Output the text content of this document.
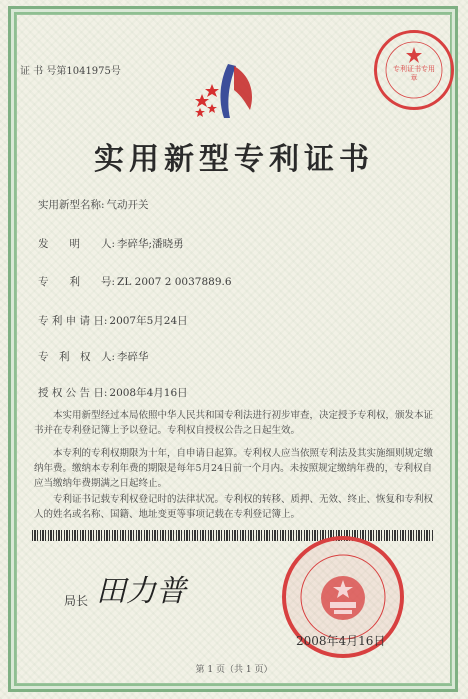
证 书 号第1041975号	专利证书专用章
实用新型专利证书
实用新型名称: 气动开关
发　　明　　人: 李碎华;潘晓勇
专　　利　　号: ZL 2007 2 0037889.6
专 利 申 请 日: 2007年5月24日
专　利　权　人: 李碎华
授 权 公 告 日: 2008年4月16日
本实用新型经过本局依照中华人民共和国专利法进行初步审查，决定授予专利权，颁发本证书并在专利登记簿上予以登记。专利权自授权公告之日起生效。
本专利的专利权期限为十年，自申请日起算。专利权人应当依照专利法及其实施细则规定缴纳年费。缴纳本专利年费的期限是每年5月24日前一个月内。未按照规定缴纳年费的，专利权自应当缴纳年费期满之日起终止。
专利证书记载专利权登记时的法律状况。专利权的转移、质押、无效、终止、恢复和专利权人的姓名或名称、国籍、地址变更等事项记载在专利登记簿上。
局长 田力普
2008年4月16日
第 1 页（共 1 页）
